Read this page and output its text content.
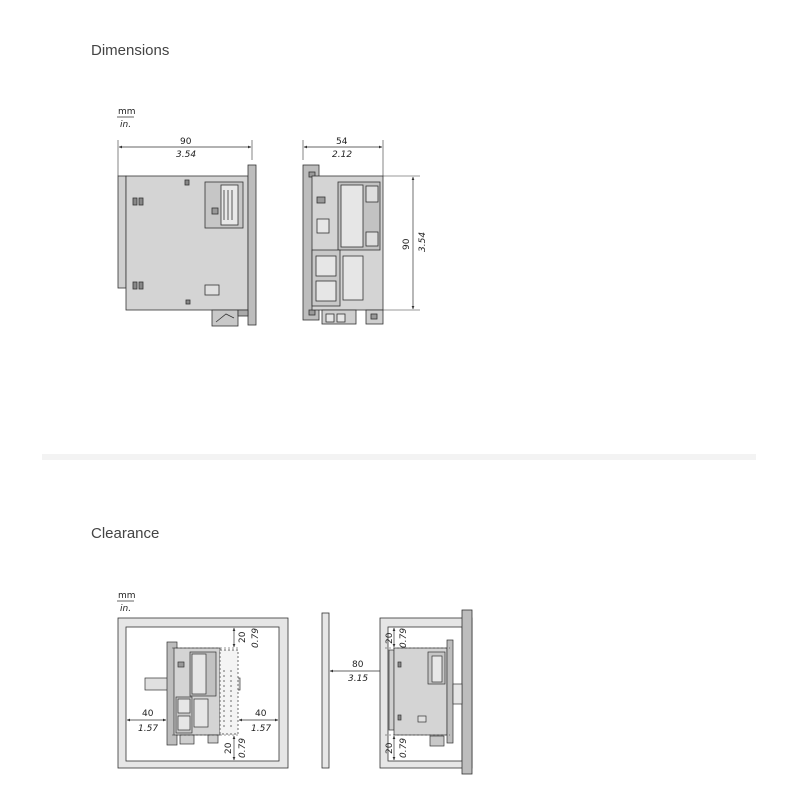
Dimensions
Clearance
mm
in.
90
3.54
54
2.12
90 3.54
mm
in.
20 0.79
20 0.79
40
1.57
40
1.57
80
3.15
20 0.79
20 0.79
